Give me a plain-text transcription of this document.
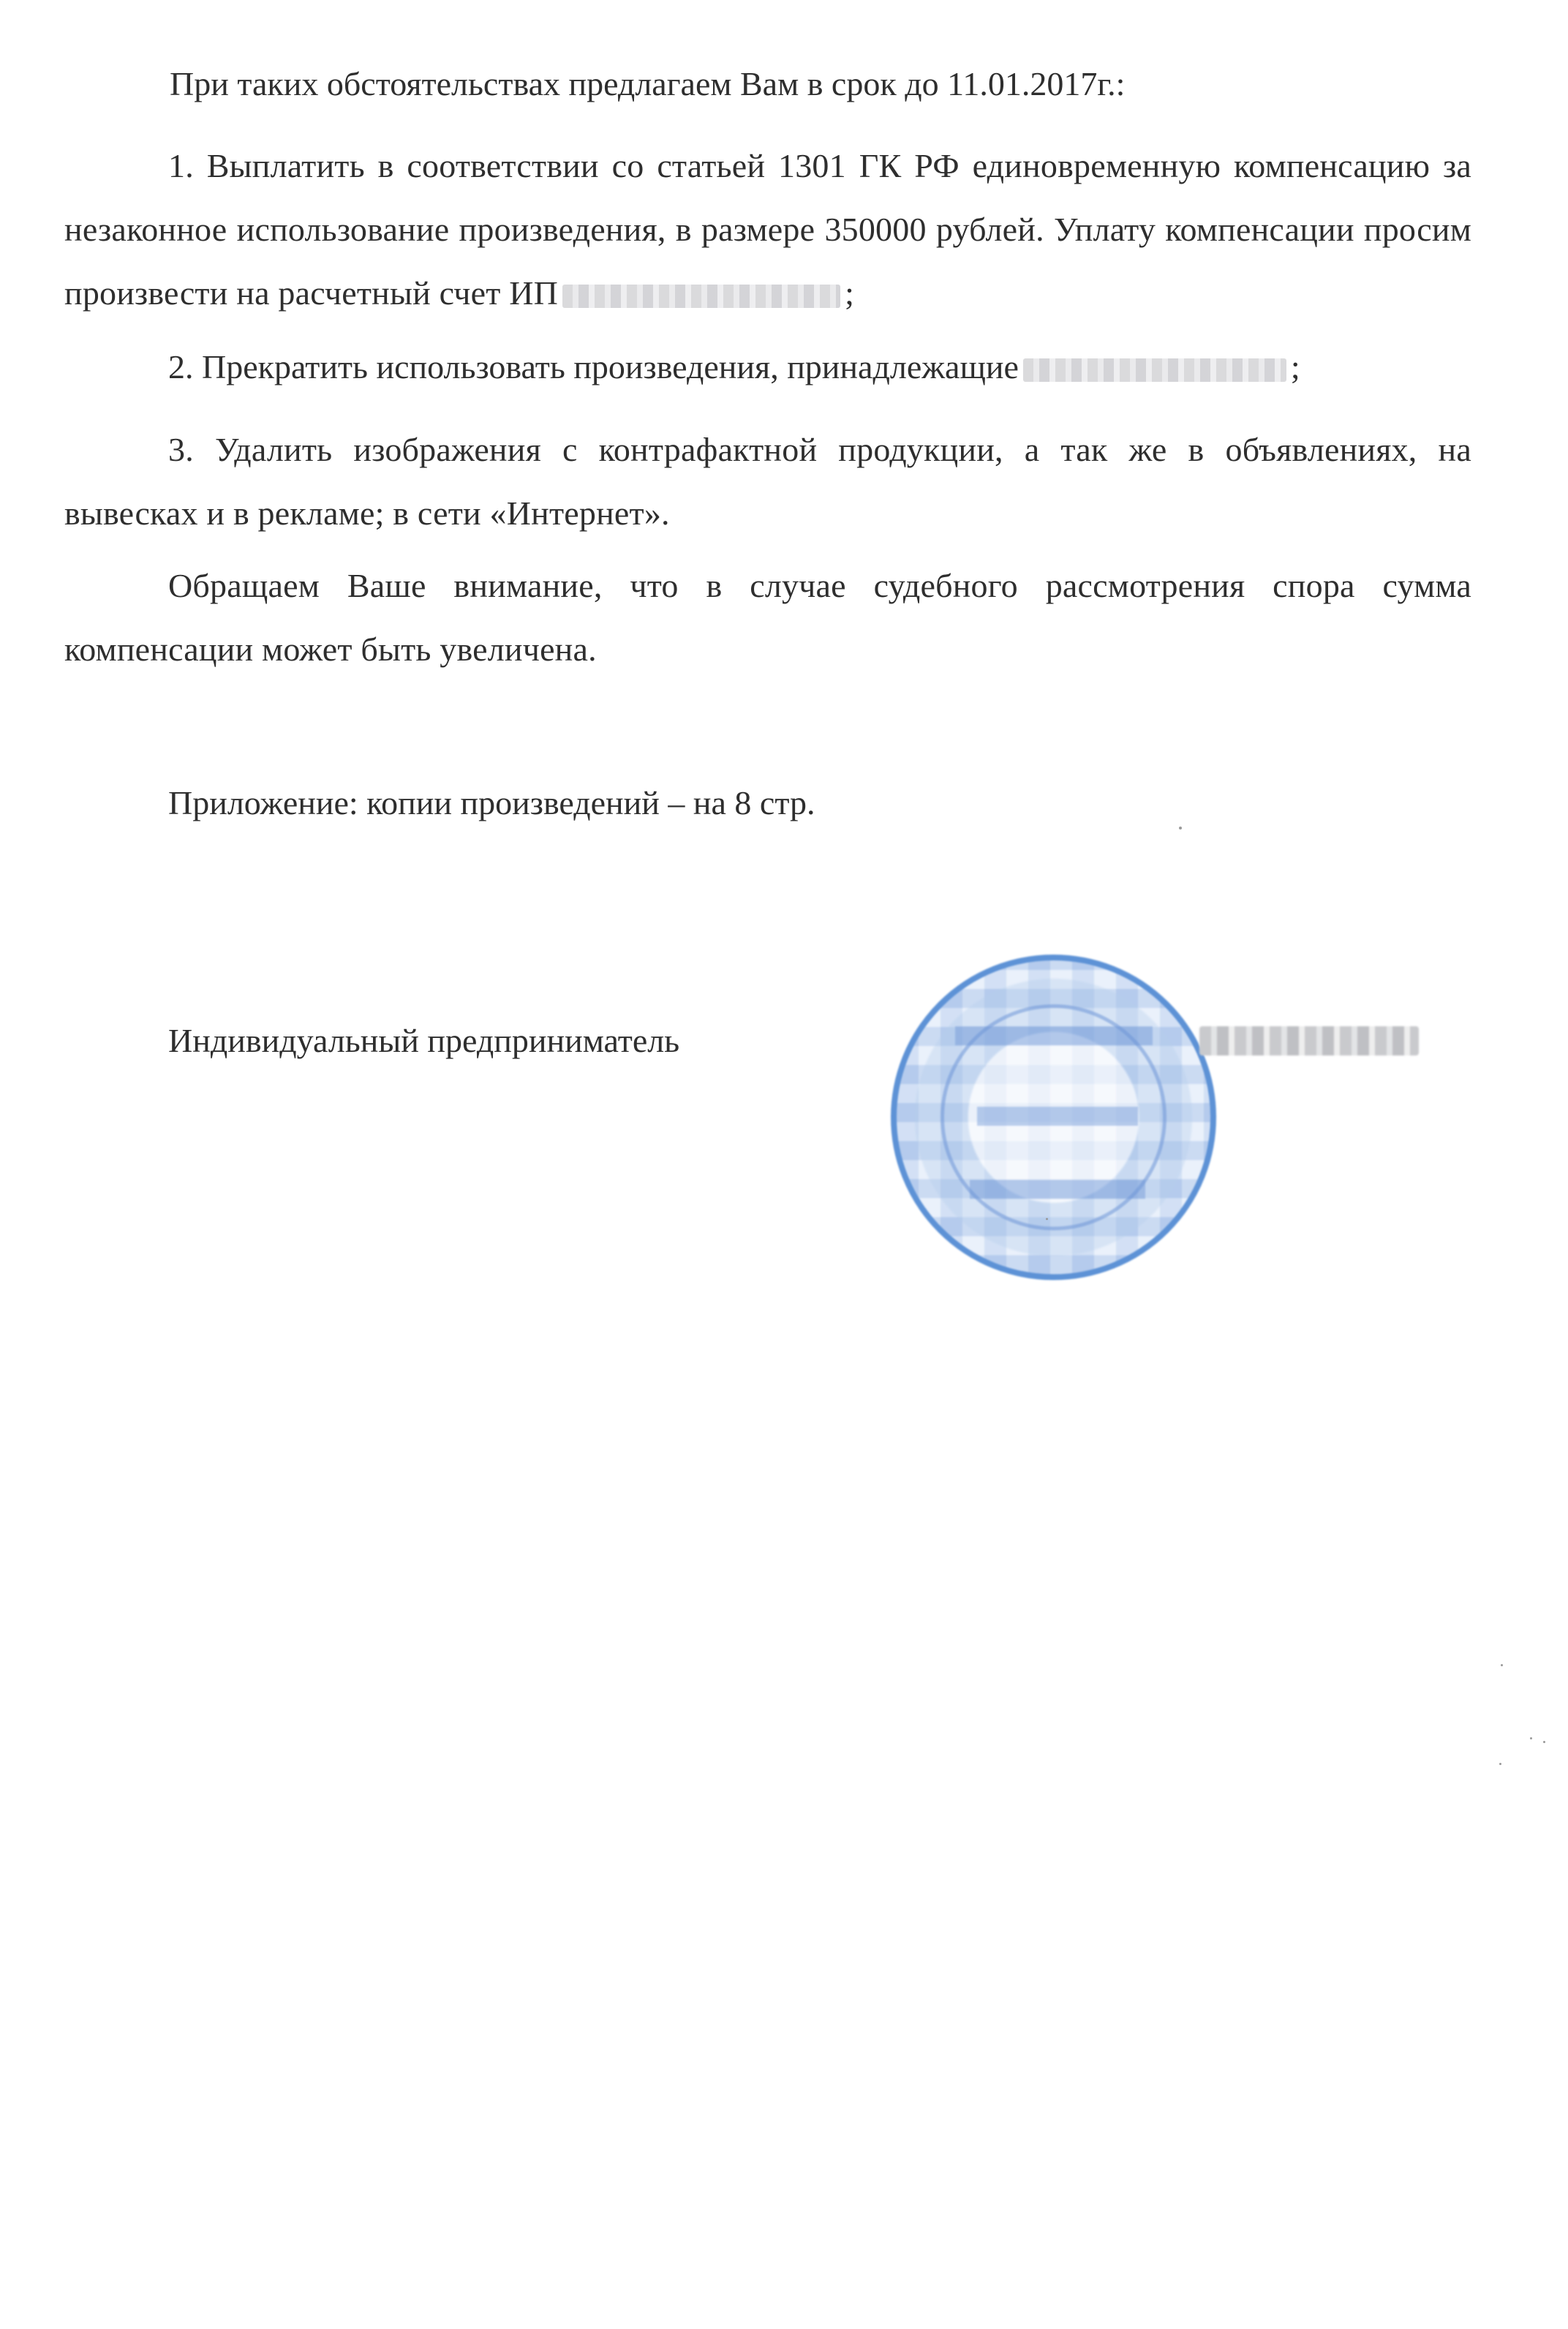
При таких обстоятельствах предлагаем Вам в срок до 11.01.2017г.:
1. Выплатить в соответствии со статьей 1301 ГК РФ единовременную компенсацию за незаконное использование произведения, в размере 350000 рублей. Уплату компенсации просим произвести на расчетный счет ИП	;
2. Прекратить использовать произведения, принадлежащие	;
3. Удалить изображения с контрафактной продукции, а так же в объявлениях, на вывесках и в рекламе; в сети «Интернет».
Обращаем Ваше внимание, что в случае судебного рассмотрения спора сумма компенсации может быть увеличена.
Приложение: копии произведений – на 8 стр.
Индивидуальный предприниматель
